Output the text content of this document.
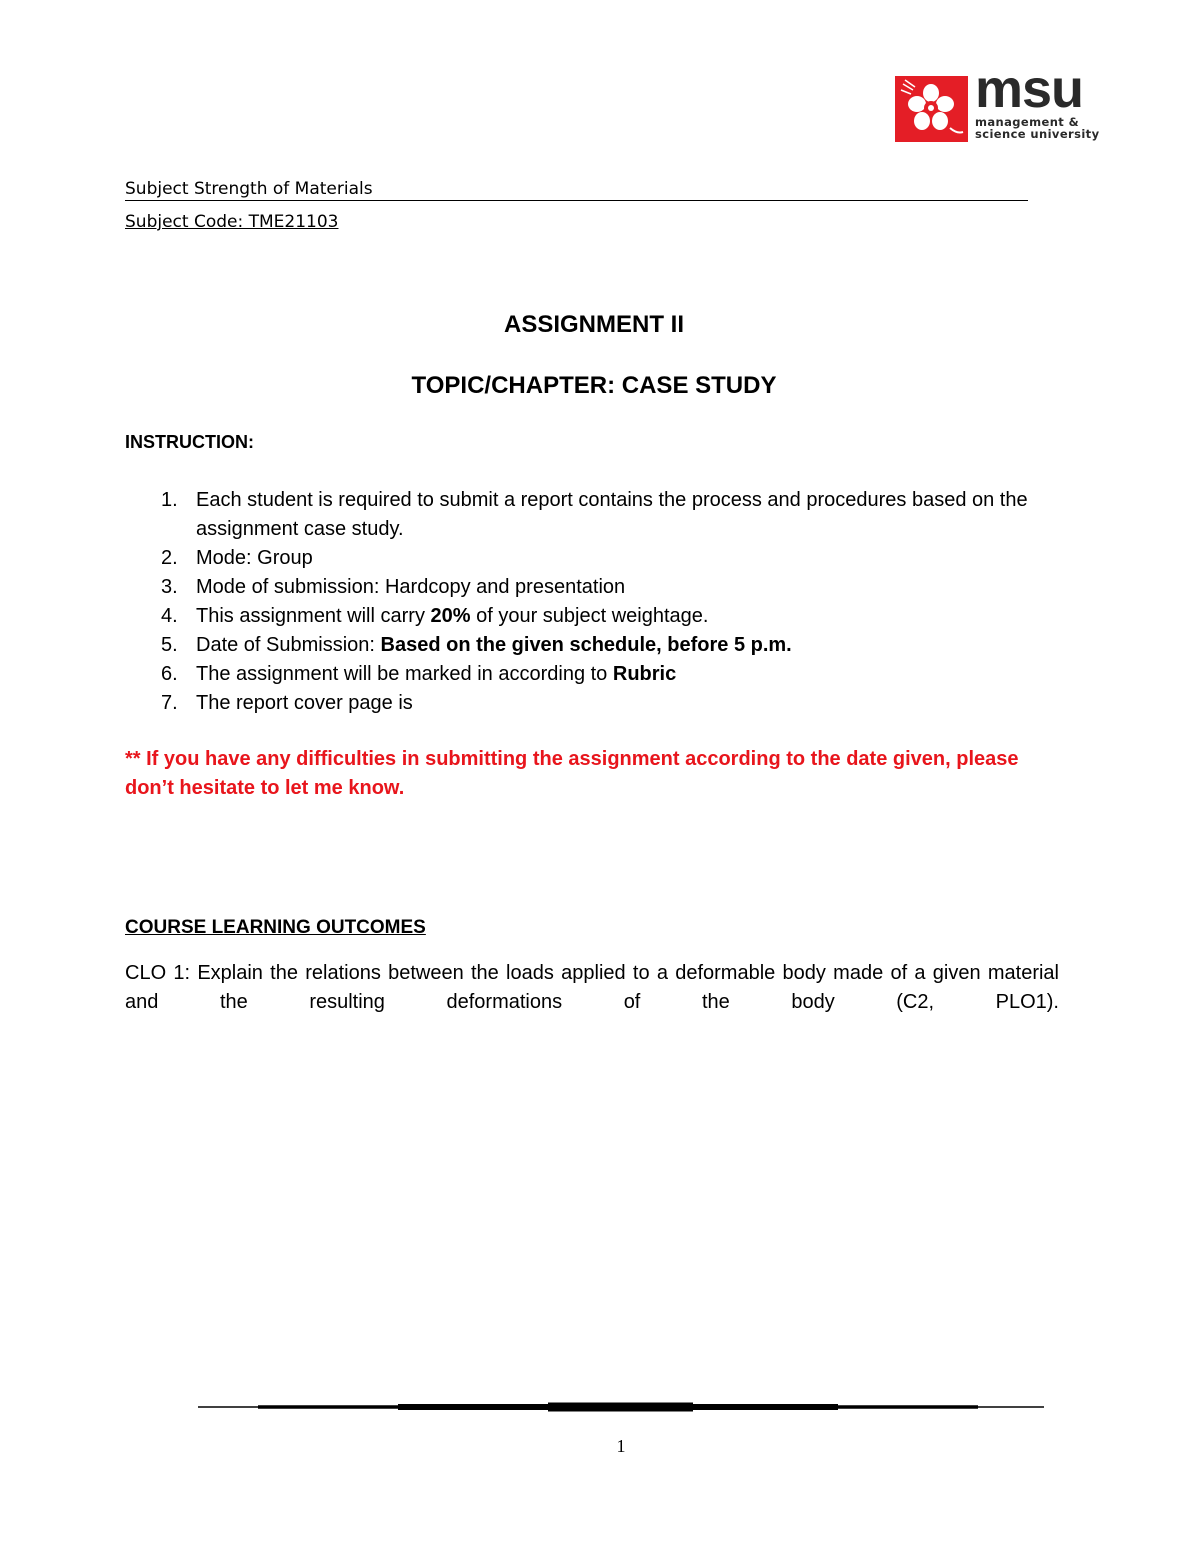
msu
management &
science university
Subject Strength of Materials
Subject Code: TME21103
ASSIGNMENT II
TOPIC/CHAPTER: CASE STUDY
INSTRUCTION:
1. Each student is required to submit a report contains the process and procedures based on the assignment case study.
2. Mode: Group
3. Mode of submission: Hardcopy and presentation
4. This assignment will carry 20% of your subject weightage.
5. Date of Submission: Based on the given schedule, before 5 p.m.
6. The assignment will be marked in according to Rubric
7. The report cover page is
** If you have any difficulties in submitting the assignment according to the date given, please don’t hesitate to let me know.
COURSE LEARNING OUTCOMES
CLO 1: Explain the relations between the loads applied to a deformable body made of a given material and the resulting deformations of the body (C2, PLO1).
1
